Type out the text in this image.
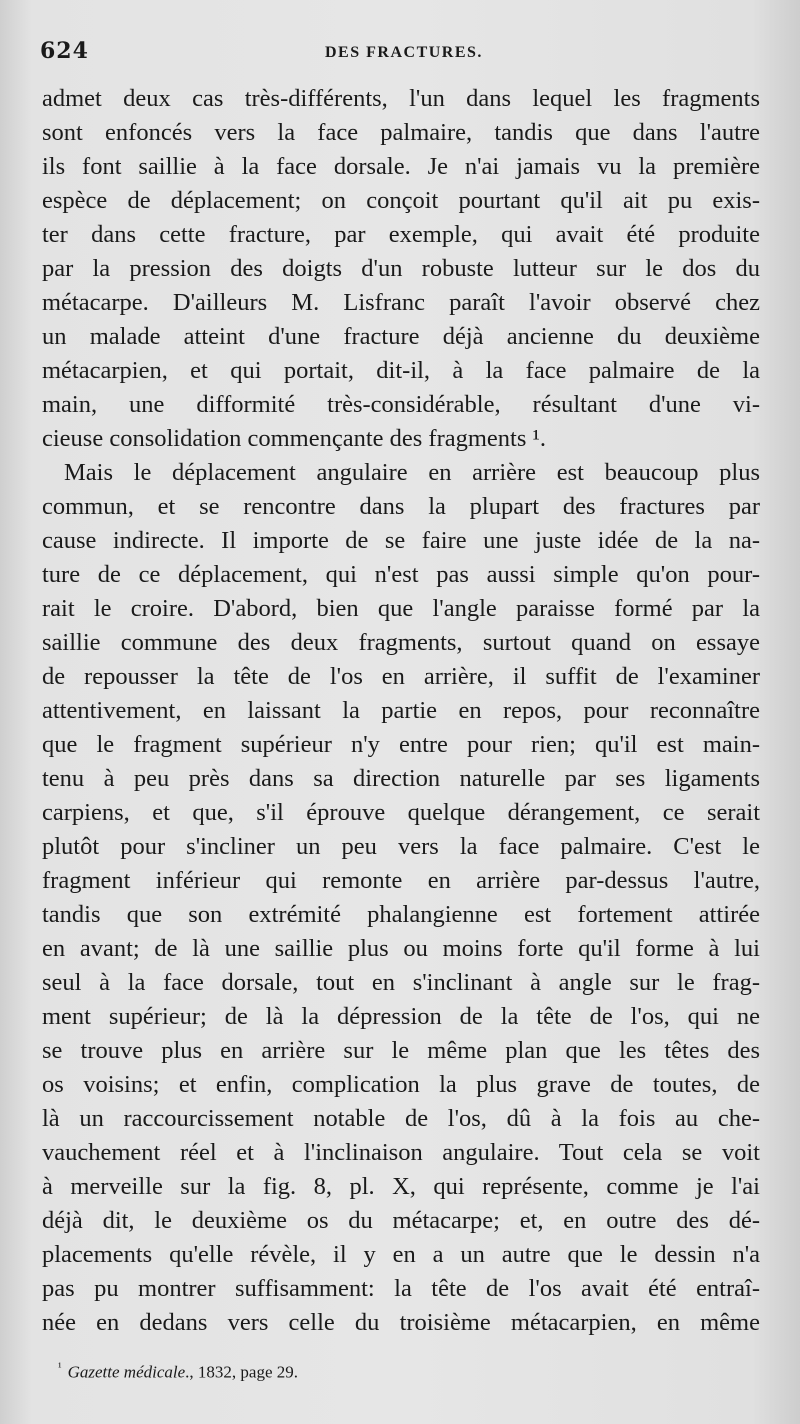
624	DES FRACTURES.
admet deux cas très-différents, l'un dans lequel les fragments
sont enfoncés vers la face palmaire, tandis que dans l'autre
ils font saillie à la face dorsale. Je n'ai jamais vu la première
espèce de déplacement; on conçoit pourtant qu'il ait pu exis-
ter dans cette fracture, par exemple, qui avait été produite
par la pression des doigts d'un robuste lutteur sur le dos du
métacarpe. D'ailleurs M. Lisfranc paraît l'avoir observé chez
un malade atteint d'une fracture déjà ancienne du deuxième
métacarpien, et qui portait, dit-il, à la face palmaire de la
main, une difformité très-considérable, résultant d'une vi-
cieuse consolidation commençante des fragments ¹.
Mais le déplacement angulaire en arrière est beaucoup plus
commun, et se rencontre dans la plupart des fractures par
cause indirecte. Il importe de se faire une juste idée de la na-
ture de ce déplacement, qui n'est pas aussi simple qu'on pour-
rait le croire. D'abord, bien que l'angle paraisse formé par la
saillie commune des deux fragments, surtout quand on essaye
de repousser la tête de l'os en arrière, il suffit de l'examiner
attentivement, en laissant la partie en repos, pour reconnaître
que le fragment supérieur n'y entre pour rien; qu'il est main-
tenu à peu près dans sa direction naturelle par ses ligaments
carpiens, et que, s'il éprouve quelque dérangement, ce serait
plutôt pour s'incliner un peu vers la face palmaire. C'est le
fragment inférieur qui remonte en arrière par-dessus l'autre,
tandis que son extrémité phalangienne est fortement attirée
en avant; de là une saillie plus ou moins forte qu'il forme à lui
seul à la face dorsale, tout en s'inclinant à angle sur le frag-
ment supérieur; de là la dépression de la tête de l'os, qui ne
se trouve plus en arrière sur le même plan que les têtes des
os voisins; et enfin, complication la plus grave de toutes, de
là un raccourcissement notable de l'os, dû à la fois au che-
vauchement réel et à l'inclinaison angulaire. Tout cela se voit
à merveille sur la fig. 8, pl. X, qui représente, comme je l'ai
déjà dit, le deuxième os du métacarpe; et, en outre des dé-
placements qu'elle révèle, il y en a un autre que le dessin n'a
pas pu montrer suffisamment: la tête de l'os avait été entraî-
née en dedans vers celle du troisième métacarpien, en même
$^{^1}$ Gazette médicale., 1832, page 29.
